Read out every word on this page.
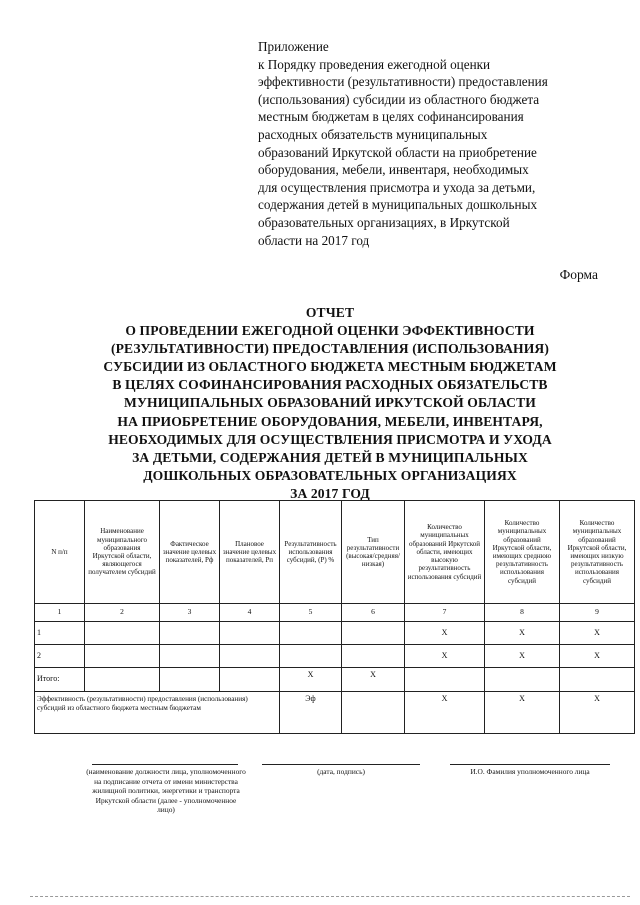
Приложение
к Порядку проведения ежегодной оценки
эффективности (результативности) предоставления
(использования) субсидии из областного бюджета
местным бюджетам в целях софинансирования
расходных обязательств муниципальных
образований Иркутской области на приобретение
оборудования, мебели, инвентаря, необходимых
для осуществления присмотра и ухода за детьми,
содержания детей в муниципальных дошкольных
образовательных организациях, в Иркутской
области на 2017 год
Форма
ОТЧЕТ
О ПРОВЕДЕНИИ ЕЖЕГОДНОЙ ОЦЕНКИ ЭФФЕКТИВНОСТИ
(РЕЗУЛЬТАТИВНОСТИ) ПРЕДОСТАВЛЕНИЯ (ИСПОЛЬЗОВАНИЯ)
СУБСИДИИ ИЗ ОБЛАСТНОГО БЮДЖЕТА МЕСТНЫМ БЮДЖЕТАМ
В ЦЕЛЯХ СОФИНАНСИРОВАНИЯ РАСХОДНЫХ ОБЯЗАТЕЛЬСТВ
МУНИЦИПАЛЬНЫХ ОБРАЗОВАНИЙ ИРКУТСКОЙ ОБЛАСТИ
НА ПРИОБРЕТЕНИЕ ОБОРУДОВАНИЯ, МЕБЕЛИ, ИНВЕНТАРЯ,
НЕОБХОДИМЫХ ДЛЯ ОСУЩЕСТВЛЕНИЯ ПРИСМОТРА И УХОДА
ЗА ДЕТЬМИ, СОДЕРЖАНИЯ ДЕТЕЙ В МУНИЦИПАЛЬНЫХ
ДОШКОЛЬНЫХ ОБРАЗОВАТЕЛЬНЫХ ОРГАНИЗАЦИЯХ
ЗА 2017 ГОД
N п/п	Наименование муниципального образования Иркутской области, являющегося получателем субсидий	Фактическое значение целевых показателей, Рф	Плановое значение целевых показателей, Рп	Результативность использования субсидий, (Р) %	Тип результативности (высокая/средняя/низкая)	Количество муниципальных образований Иркутской области, имеющих высокую результативность использования субсидий	Количество муниципальных образований Иркутской области, имеющих среднюю результативность использования субсидий	Количество муниципальных образований Иркутской области, имеющих низкую результативность использования субсидий
1	2	3	4	5	6	7	8	9
1						X	X	X
2						X	X	X
Итого:				X	X			
Эффективность (результативности) предоставления (использования) субсидий из областного бюджета местным бюджетам				Эф		X	X	X
(наименование должности лица, уполномоченного на подписание отчета от имени министерства жилищной политики, энергетики и транспорта Иркутской области (далее - уполномоченное лицо)
(дата, подпись)	И.О. Фамилия уполномоченного лица
